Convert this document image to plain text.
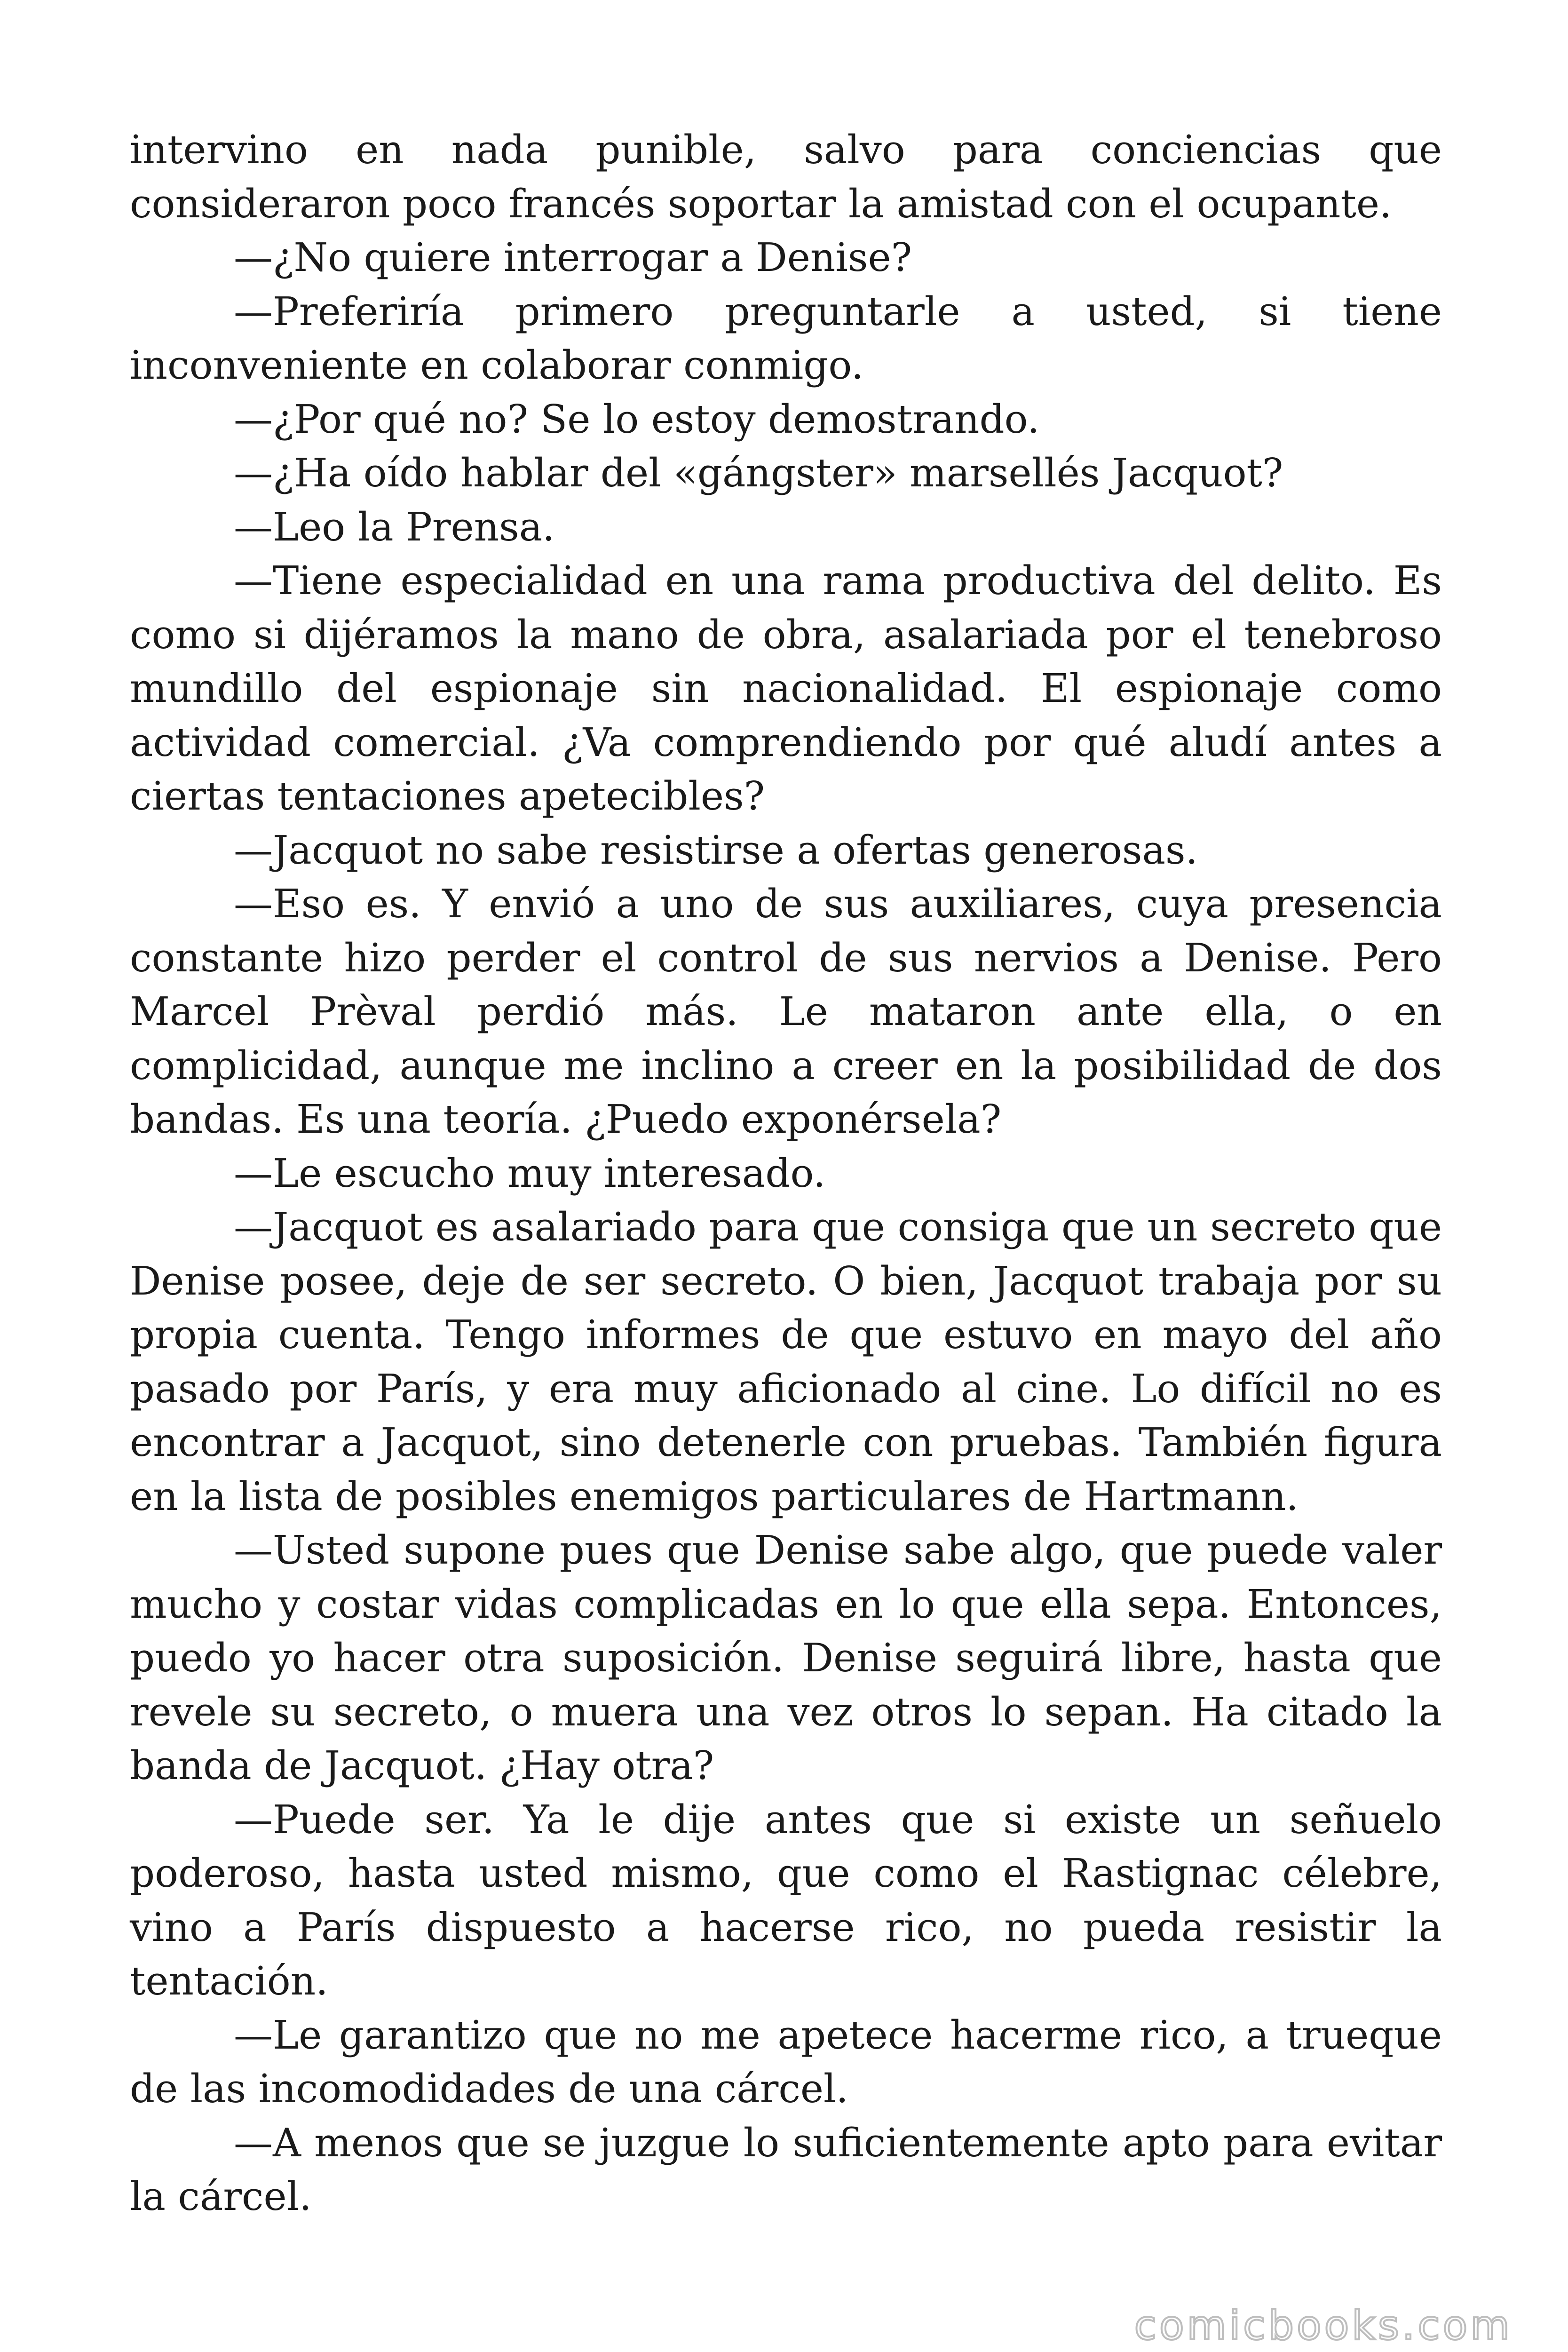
intervino en nada punible, salvo para conciencias que consideraron poco francés soportar la amistad con el ocupante.

—¿No quiere interrogar a Denise?

—Preferiría primero preguntarle a usted, si tiene inconveniente en colaborar conmigo.

—¿Por qué no? Se lo estoy demostrando.

—¿Ha oído hablar del «gángster» marsellés Jacquot?

—Leo la Prensa.

—Tiene especialidad en una rama productiva del delito. Es como si dijéramos la mano de obra, asalariada por el tenebroso mundillo del espionaje sin nacionalidad. El espionaje como actividad comercial. ¿Va comprendiendo por qué aludí antes a ciertas tentaciones apetecibles?

—Jacquot no sabe resistirse a ofertas generosas.

—Eso es. Y envió a uno de sus auxiliares, cuya presencia constante hizo perder el control de sus nervios a Denise. Pero Marcel Prèval perdió más. Le mataron ante ella, o en complicidad, aunque me inclino a creer en la posibilidad de dos bandas. Es una teoría. ¿Puedo exponérsela?

—Le escucho muy interesado.

—Jacquot es asalariado para que consiga que un secreto que Denise posee, deje de ser secreto. O bien, Jacquot trabaja por su propia cuenta. Tengo informes de que estuvo en mayo del año pasado por París, y era muy aficionado al cine. Lo difícil no es encontrar a Jacquot, sino detenerle con pruebas. También figura en la lista de posibles enemigos particulares de Hartmann.

—Usted supone pues que Denise sabe algo, que puede valer mucho y costar vidas complicadas en lo que ella sepa. Entonces, puedo yo hacer otra suposición. Denise seguirá libre, hasta que revele su secreto, o muera una vez otros lo sepan. Ha citado la banda de Jacquot. ¿Hay otra?

—Puede ser. Ya le dije antes que si existe un señuelo poderoso, hasta usted mismo, que como el Rastignac célebre, vino a París dispuesto a hacerse rico, no pueda resistir la tentación.

—Le garantizo que no me apetece hacerme rico, a trueque de las incomodidades de una cárcel.

—A menos que se juzgue lo suficientemente apto para evitar la cárcel.

comicbooks.com
